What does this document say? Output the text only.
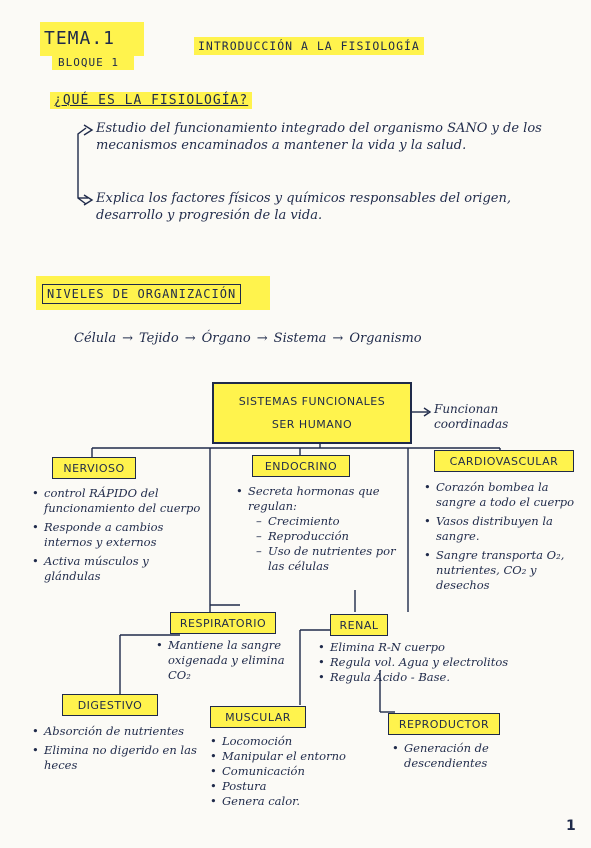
TEMA.1
BLOQUE 1
INTRODUCCIÓN A LA FISIOLOGÍA
¿QUÉ ES LA FISIOLOGÍA?
Estudio del funcionamiento integrado del organismo SANO y de los mecanismos encaminados a mantener la vida y la salud.
Explica los factores físicos y químicos responsables del origen, desarrollo y progresión de la vida.
NIVELES DE ORGANIZACIÓN
Célula → Tejido → Órgano → Sistema → Organismo
SISTEMAS FUNCIONALES
SER HUMANO
Funcionan coordinadas
NERVIOSO
• control RÁPIDO del funcionamiento del cuerpo
• Responde a cambios internos y externos
• Activa músculos y glándulas
ENDOCRINO
• Secreta hormonas que regulan:
– Crecimiento
– Reproducción
– Uso de nutrientes por las células
CARDIOVASCULAR
• Corazón bombea la sangre a todo el cuerpo
• Vasos distribuyen la sangre.
• Sangre transporta O₂, nutrientes, CO₂ y desechos
RESPIRATORIO
• Mantiene la sangre oxigenada y elimina CO₂
RENAL
• Elimina R-N cuerpo
• Regula vol. Agua y electrolitos
• Regula Ácido - Base.
DIGESTIVO
• Absorción de nutrientes
• Elimina no digerido en las heces
MUSCULAR
• Locomoción
• Manipular el entorno
• Comunicación
• Postura
• Genera calor.
REPRODUCTOR
• Generación de descendientes
1
